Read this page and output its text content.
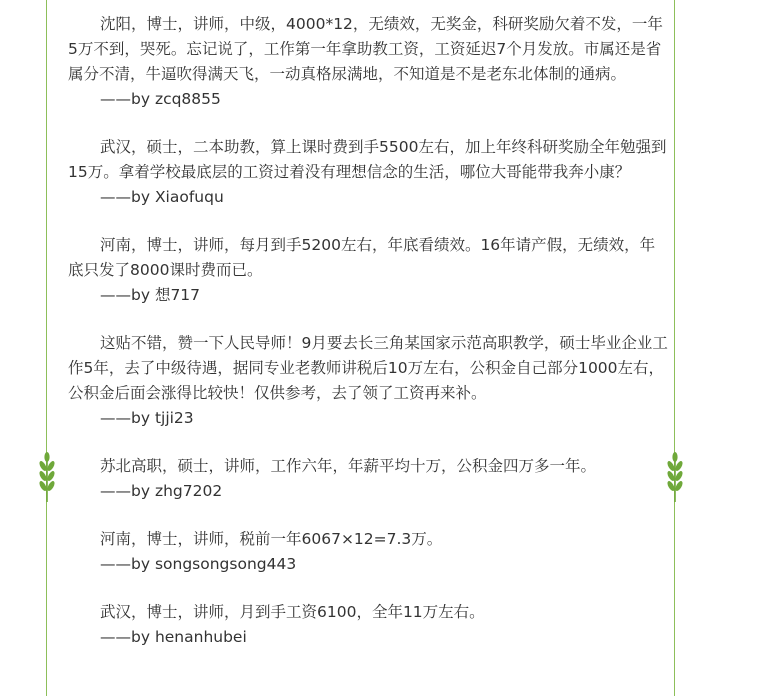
沈阳，博士，讲师，中级，4000*12，无绩效，无奖金，科研奖励欠着不发，一年5万不到，哭死。忘记说了，工作第一年拿助教工资，工资延迟7个月发放。市属还是省属分不清，牛逼吹得满天飞，一动真格尿满地，不知道是不是老东北体制的通病。

——by zcq8855

武汉，硕士，二本助教，算上课时费到手5500左右，加上年终科研奖励全年勉强到15万。拿着学校最底层的工资过着没有理想信念的生活，哪位大哥能带我奔小康？

——by Xiaofuqu

河南，博士，讲师，每月到手5200左右，年底看绩效。16年请产假，无绩效，年底只发了8000课时费而已。

——by 想717

这贴不错，赞一下人民导师！9月要去长三角某国家示范高职教学，硕士毕业企业工作5年，去了中级待遇，据同专业老教师讲税后10万左右，公积金自己部分1000左右，公积金后面会涨得比较快！仅供参考，去了领了工资再来补。

——by tjji23

苏北高职，硕士，讲师，工作六年，年薪平均十万，公积金四万多一年。

——by zhg7202

河南，博士，讲师，税前一年6067×12=7.3万。

——by songsongsong443

武汉，博士，讲师，月到手工资6100，全年11万左右。

——by henanhubei
